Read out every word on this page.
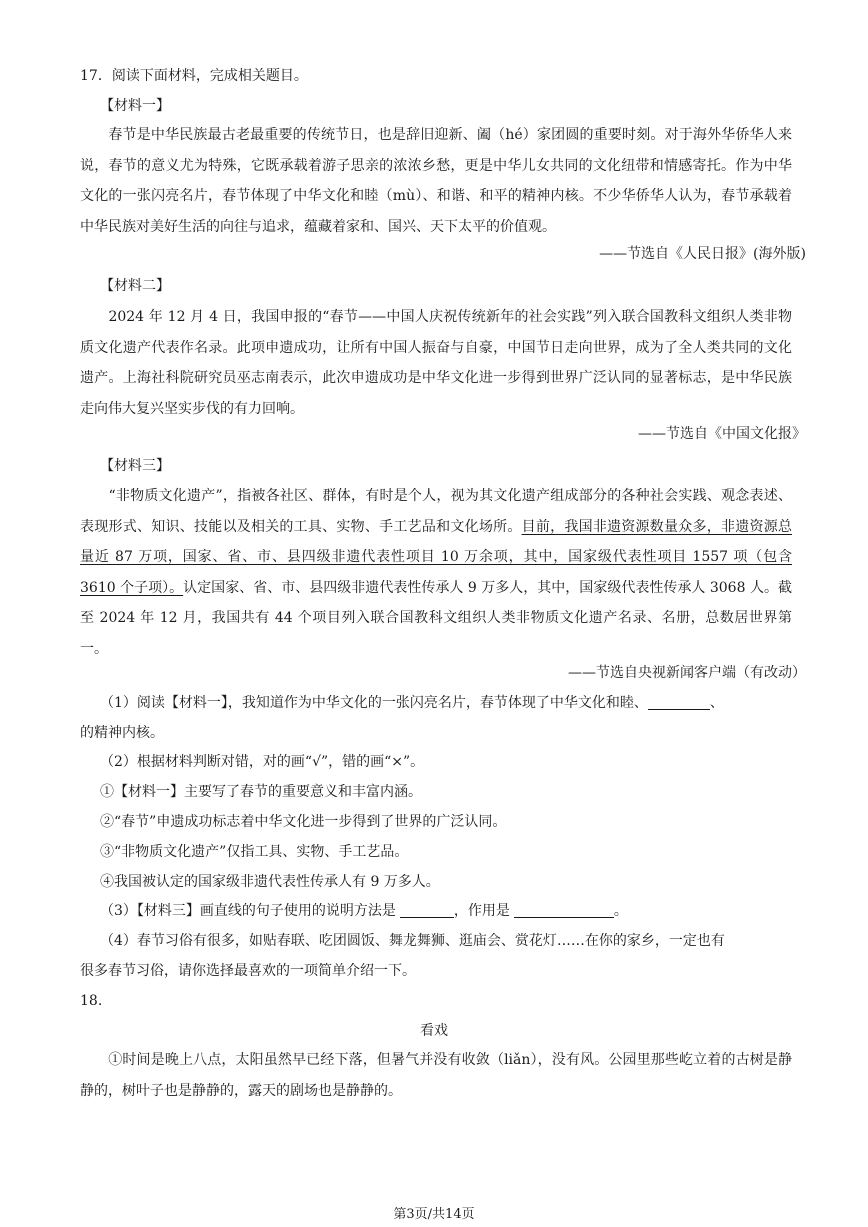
17．阅读下面材料，完成相关题目。
【材料一】
　　春节是中华民族最古老最重要的传统节日，也是辞旧迎新、阖（hé）家团圆的重要时刻。对于海外华侨华人来说，春节的意义尤为特殊，它既承载着游子思亲的浓浓乡愁，更是中华儿女共同的文化纽带和情感寄托。作为中华文化的一张闪亮名片，春节体现了中华文化和睦（mù）、和谐、和平的精神内核。不少华侨华人认为，春节承载着中华民族对美好生活的向往与追求，蕴藏着家和、国兴、天下太平的价值观。
——节选自《人民日报》(海外版)
【材料二】
　　2024 年 12 月 4 日，我国申报的“春节——中国人庆祝传统新年的社会实践”列入联合国教科文组织人类非物质文化遗产代表作名录。此项申遗成功，让所有中国人振奋与自豪，中国节日走向世界，成为了全人类共同的文化遗产。上海社科院研究员巫志南表示，此次申遗成功是中华文化进一步得到世界广泛认同的显著标志，是中华民族走向伟大复兴坚实步伐的有力回响。
——节选自《中国文化报》
【材料三】
　　“非物质文化遗产”，指被各社区、群体，有时是个人，视为其文化遗产组成部分的各种社会实践、观念表述、表现形式、知识、技能以及相关的工具、实物、手工艺品和文化场所。目前，我国非遗资源数量众多，非遗资源总量近 87 万项，国家、省、市、县四级非遗代表性项目 10 万余项，其中，国家级代表性项目 1557 项（包含 3610 个子项）。认定国家、省、市、县四级非遗代表性传承人 9 万多人，其中，国家级代表性传承人 3068 人。截至 2024 年 12 月，我国共有 44 个项目列入联合国教科文组织人类非物质文化遗产名录、名册，总数居世界第一。
——节选自央视新闻客户端（有改动）
（1）阅读【材料一】，我知道作为中华文化的一张闪亮名片，春节体现了中华文化和睦、	、
的精神内核。
（2）根据材料判断对错，对的画“√”，错的画“×”。
①【材料一】主要写了春节的重要意义和丰富内涵。
②“春节”申遗成功标志着中华文化进一步得到了世界的广泛认同。
③“非物质文化遗产”仅指工具、实物、手工艺品。
④我国被认定的国家级非遗代表性传承人有 9 万多人。
（3）【材料三】画直线的句子使用的说明方法是	，作用是	。
（4）春节习俗有很多，如贴春联、吃团圆饭、舞龙舞狮、逛庙会、赏花灯……在你的家乡，一定也有
很多春节习俗，请你选择最喜欢的一项简单介绍一下。
18.
看戏
　　①时间是晚上八点，太阳虽然早已经下落，但暑气并没有收敛（liǎn），没有风。公园里那些屹立着的古树是静静的，树叶子也是静静的，露天的剧场也是静静的。
第3页/共14页
